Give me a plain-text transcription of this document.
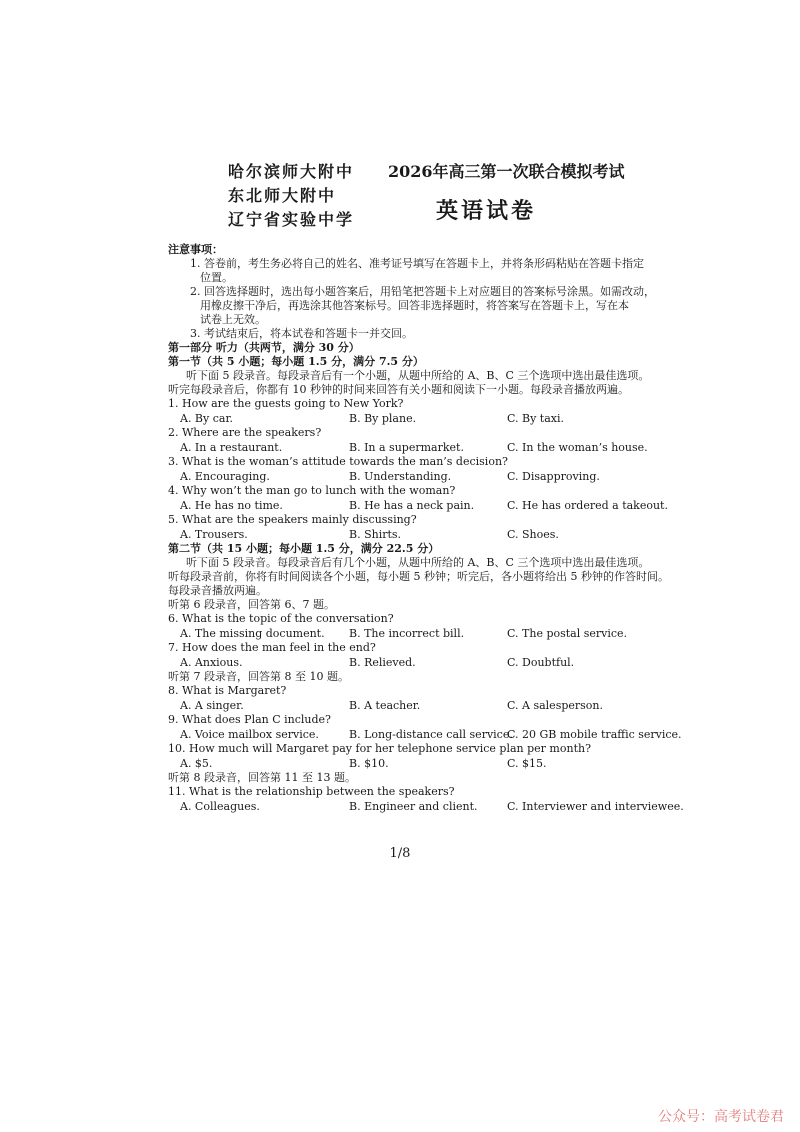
哈尔滨师大附中
东北师大附中
辽宁省实验中学
2026年高三第一次联合模拟考试
英语试卷
注意事项：
1. 答卷前，考生务必将自己的姓名、准考证号填写在答题卡上，并将条形码粘贴在答题卡指定
位置。
2. 回答选择题时，选出每小题答案后，用铅笔把答题卡上对应题目的答案标号涂黑。如需改动，
用橡皮擦干净后，再选涂其他答案标号。回答非选择题时，将答案写在答题卡上，写在本
试卷上无效。
3. 考试结束后，将本试卷和答题卡一并交回。
第一部分 听力（共两节，满分 30 分）
第一节（共 5 小题；每小题 1.5 分，满分 7.5 分）
听下面 5 段录音。每段录音后有一个小题，从题中所给的 A、B、C 三个选项中选出最佳选项。
听完每段录音后，你都有 10 秒钟的时间来回答有关小题和阅读下一小题。每段录音播放两遍。
1. How are the guests going to New York?
A. By car.	B. By plane.	C. By taxi.
2. Where are the speakers?
A. In a restaurant.	B. In a supermarket.	C. In the woman’s house.
3. What is the woman’s attitude towards the man’s decision?
A. Encouraging.	B. Understanding.	C. Disapproving.
4. Why won’t the man go to lunch with the woman?
A. He has no time.	B. He has a neck pain.	C. He has ordered a takeout.
5. What are the speakers mainly discussing?
A. Trousers.	B. Shirts.	C. Shoes.
第二节（共 15 小题；每小题 1.5 分，满分 22.5 分）
听下面 5 段录音。每段录音后有几个小题，从题中所给的 A、B、C 三个选项中选出最佳选项。
听每段录音前，你将有时间阅读各个小题，每小题 5 秒钟；听完后，各小题将给出 5 秒钟的作答时间。
每段录音播放两遍。
听第 6 段录音，回答第 6、7 题。
6. What is the topic of the conversation?
A. The missing document. B. The incorrect bill.	C. The postal service.
7. How does the man feel in the end?
A. Anxious.	B. Relieved.	C. Doubtful.
听第 7 段录音，回答第 8 至 10 题。
8. What is Margaret?
A. A singer.	B. A teacher.	C. A salesperson.
9. What does Plan C include?
A. Voice mailbox service.	B. Long-distance call service.
C. 20 GB mobile traffic service.
10. How much will Margaret pay for her telephone service plan per month?
A. $5.	B. $10.	C. $15.
听第 8 段录音，回答第 11 至 13 题。
11. What is the relationship between the speakers?
A. Colleagues.	B. Engineer and client.	C. Interviewer and interviewee.
1/8
公众号：高考试卷君
